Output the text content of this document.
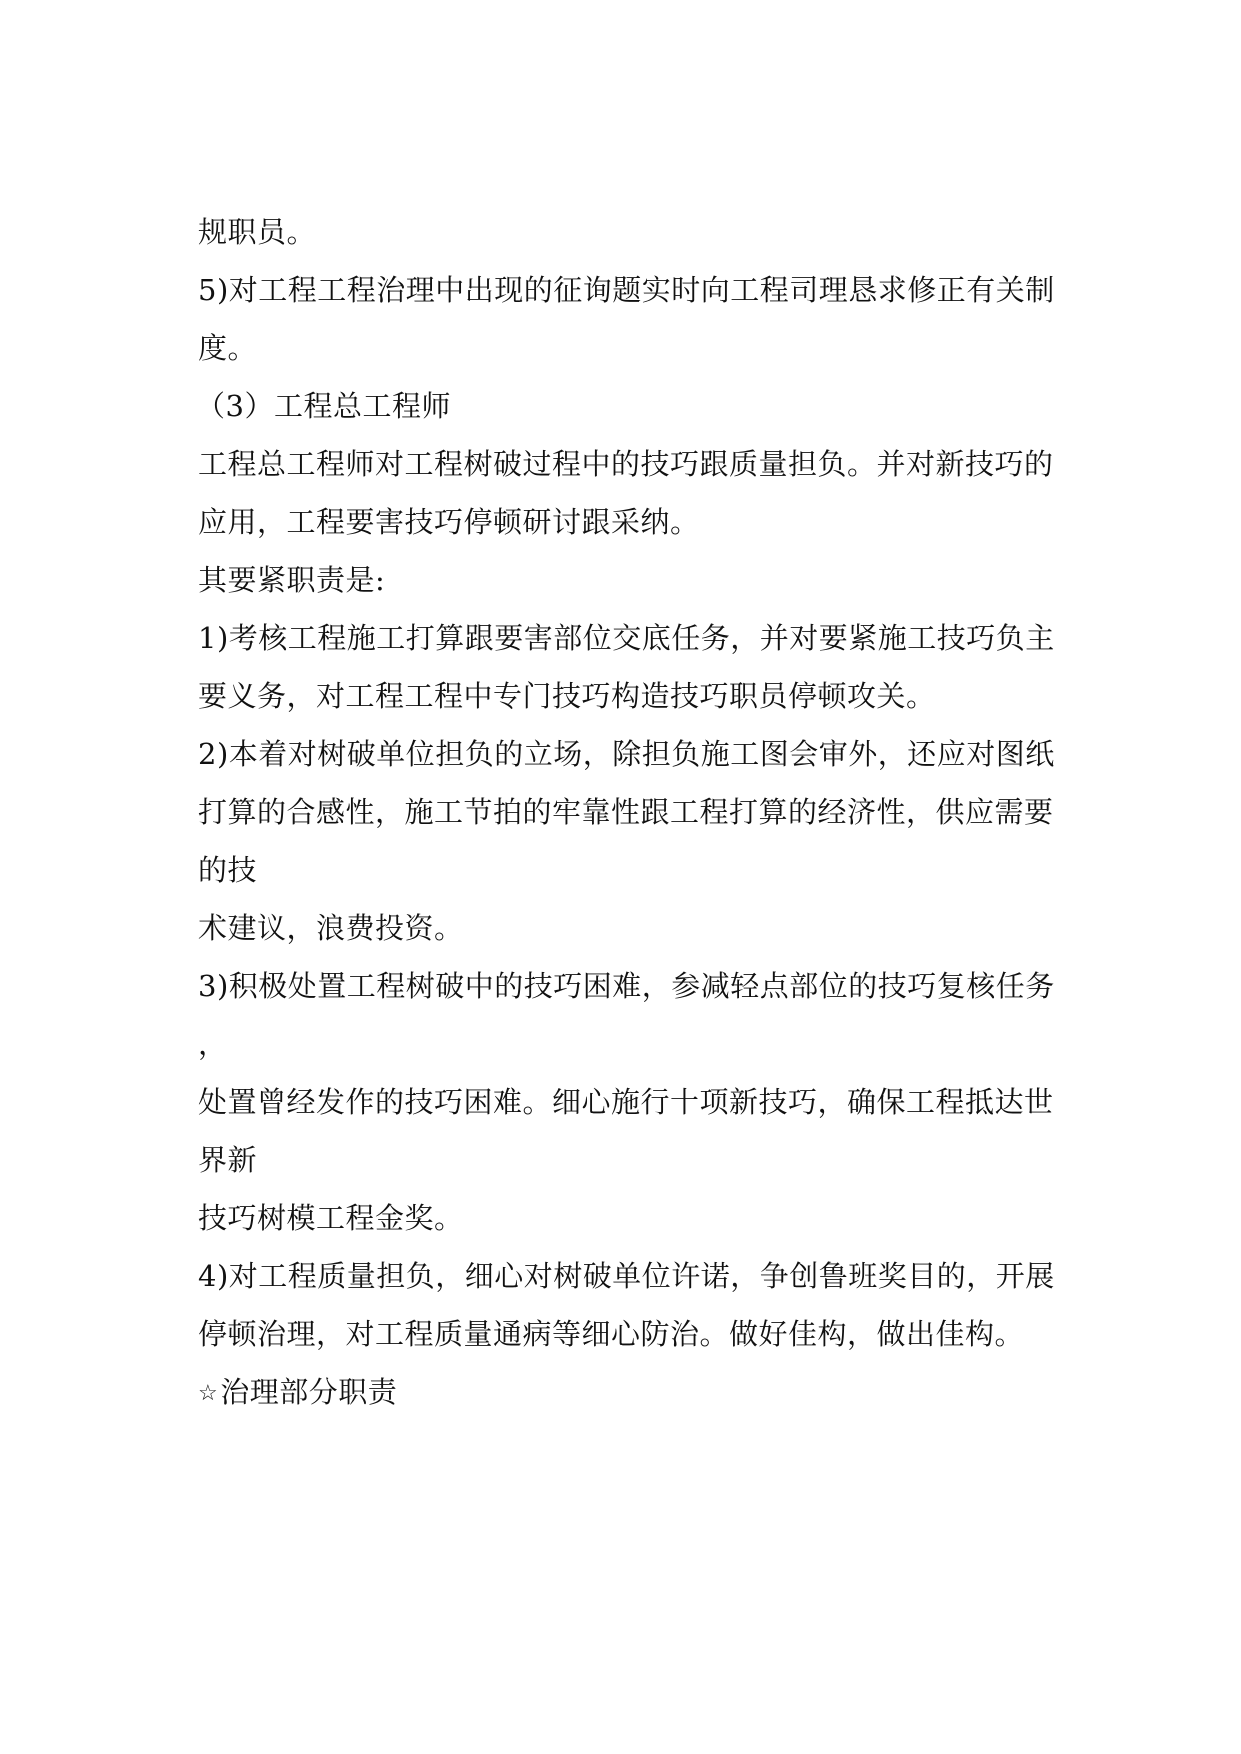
规职员。
5)对工程工程治理中出现的征询题实时向工程司理恳求修正有关制
度。
（3）工程总工程师
工程总工程师对工程树破过程中的技巧跟质量担负。并对新技巧的
应用，工程要害技巧停顿研讨跟采纳。
其要紧职责是:
1)考核工程施工打算跟要害部位交底任务，并对要紧施工技巧负主
要义务，对工程工程中专门技巧构造技巧职员停顿攻关。
2)本着对树破单位担负的立场，除担负施工图会审外，还应对图纸
打算的合感性，施工节拍的牢靠性跟工程打算的经济性，供应需要
的技
术建议，浪费投资。
3)积极处置工程树破中的技巧困难，参减轻点部位的技巧复核任务
，
处置曾经发作的技巧困难。细心施行十项新技巧，确保工程抵达世
界新
技巧树模工程金奖。
4)对工程质量担负，细心对树破单位许诺，争创鲁班奖目的，开展
停顿治理，对工程质量通病等细心防治。做好佳构，做出佳构。
☆治理部分职责
